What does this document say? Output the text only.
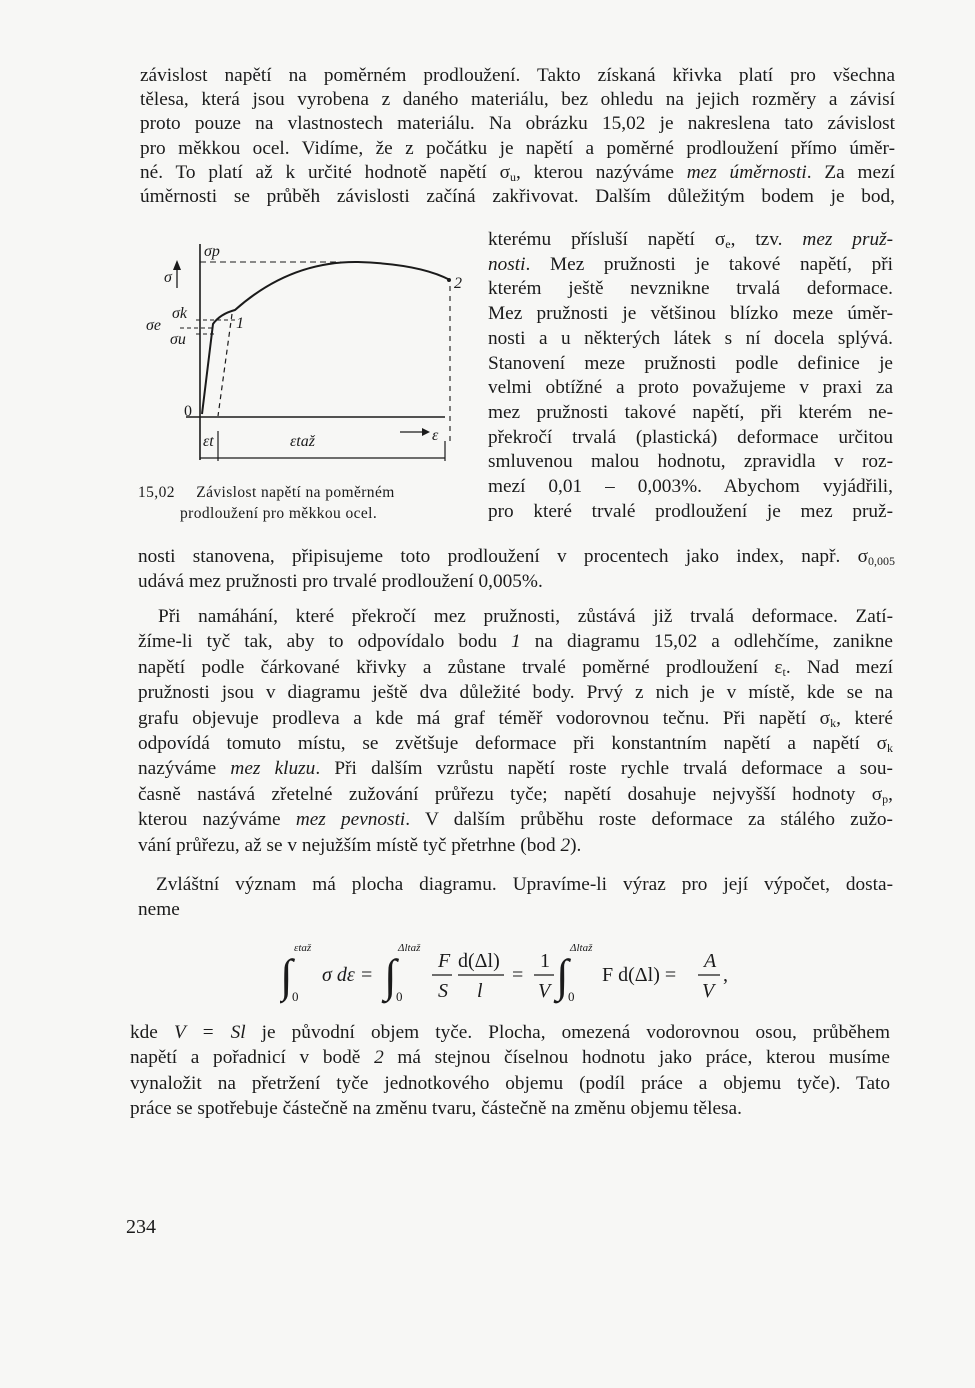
závislost napětí na poměrném prodloužení. Takto získaná křivka platí pro všechna
tělesa, která jsou vyrobena z daného materiálu, bez ohledu na jejich rozměry a závisí
proto pouze na vlastnostech materiálu. Na obrázku 15,02 je nakreslena tato závislost
pro měkkou ocel. Vidíme, že z počátku je napětí a poměrné prodloužení přímo úměr-
né. To platí až k určité hodnotě napětí $\sigma_u$, kterou nazýváme mez úměrnosti. Za mezí
úměrnosti se průběh závislosti začíná zakřivovat. Dalším důležitým bodem je bod,
σ
σp
σk
σe
σu
0
1
2
ε
εt	εtaž
15,02 Závislost napětí na poměrném
prodloužení pro měkkou ocel.
kterému přísluší napětí $\sigma_e$, tzv. mez pruž-
nosti. Mez pružnosti je takové napětí, při
kterém ještě nevznikne trvalá deformace.
Mez pružnosti je většinou blízko meze úměr-
nosti a u některých látek s ní docela splývá.
Stanovení meze pružnosti podle definice je
velmi obtížné a proto považujeme v praxi za
mez pružnosti takové napětí, při kterém ne-
překročí trvalá (plastická) deformace určitou
smluvenou malou hodnotu, zpravidla v roz-
mezí 0,01 – 0,003%. Abychom vyjádřili,
pro které trvalé prodloužení je mez pruž-
nosti stanovena, připisujeme toto prodloužení v procentech jako index, např. $\sigma_{0,005}$
udává mez pružnosti pro trvalé prodloužení 0,005%.
Při namáhání, které překročí mez pružnosti, zůstává již trvalá deformace. Zatí-
žíme-li tyč tak, aby to odpovídalo bodu 1 na diagramu 15,02 a odlehčíme, zanikne
napětí podle čárkované křivky a zůstane trvalé poměrné prodloužení $\varepsilon_t$. Nad mezí
pružnosti jsou v diagramu ještě dva důležité body. Prvý z nich je v místě, kde se na
grafu objevuje prodleva a kde má graf téměř vodorovnou tečnu. Při napětí $\sigma_k$, které
odpovídá tomuto místu, se zvětšuje deformace při konstantním napětí a napětí $\sigma_k$
nazýváme mez kluzu. Při dalším vzrůstu napětí roste rychle trvalá deformace a sou-
časně nastává zřetelné zužování průřezu tyče; napětí dosahuje nejvyšší hodnoty $\sigma_p$,
kterou nazýváme mez pevnosti. V dalším průběhu roste deformace za stálého zužo-
vání průřezu, až se v nejužším místě tyč přetrhne (bod 2).
Zvláštní význam má plocha diagramu. Upravíme-li výraz pro její výpočet, dosta-
neme
∫
εtaž
0
σ dε = ∫
Δltaž
0
F
S
d(Δl)
l
=
1
V ∫
Δltaž
0
F d(Δl) =
A
V
,
kde V = Sl je původní objem tyče. Plocha, omezená vodorovnou osou, průběhem
napětí a pořadnicí v bodě 2 má stejnou číselnou hodnotu jako práce, kterou musíme
vynaložit na přetržení tyče jednotkového objemu (podíl práce a objemu tyče). Tato
práce se spotřebuje částečně na změnu tvaru, částečně na změnu objemu tělesa.
234
